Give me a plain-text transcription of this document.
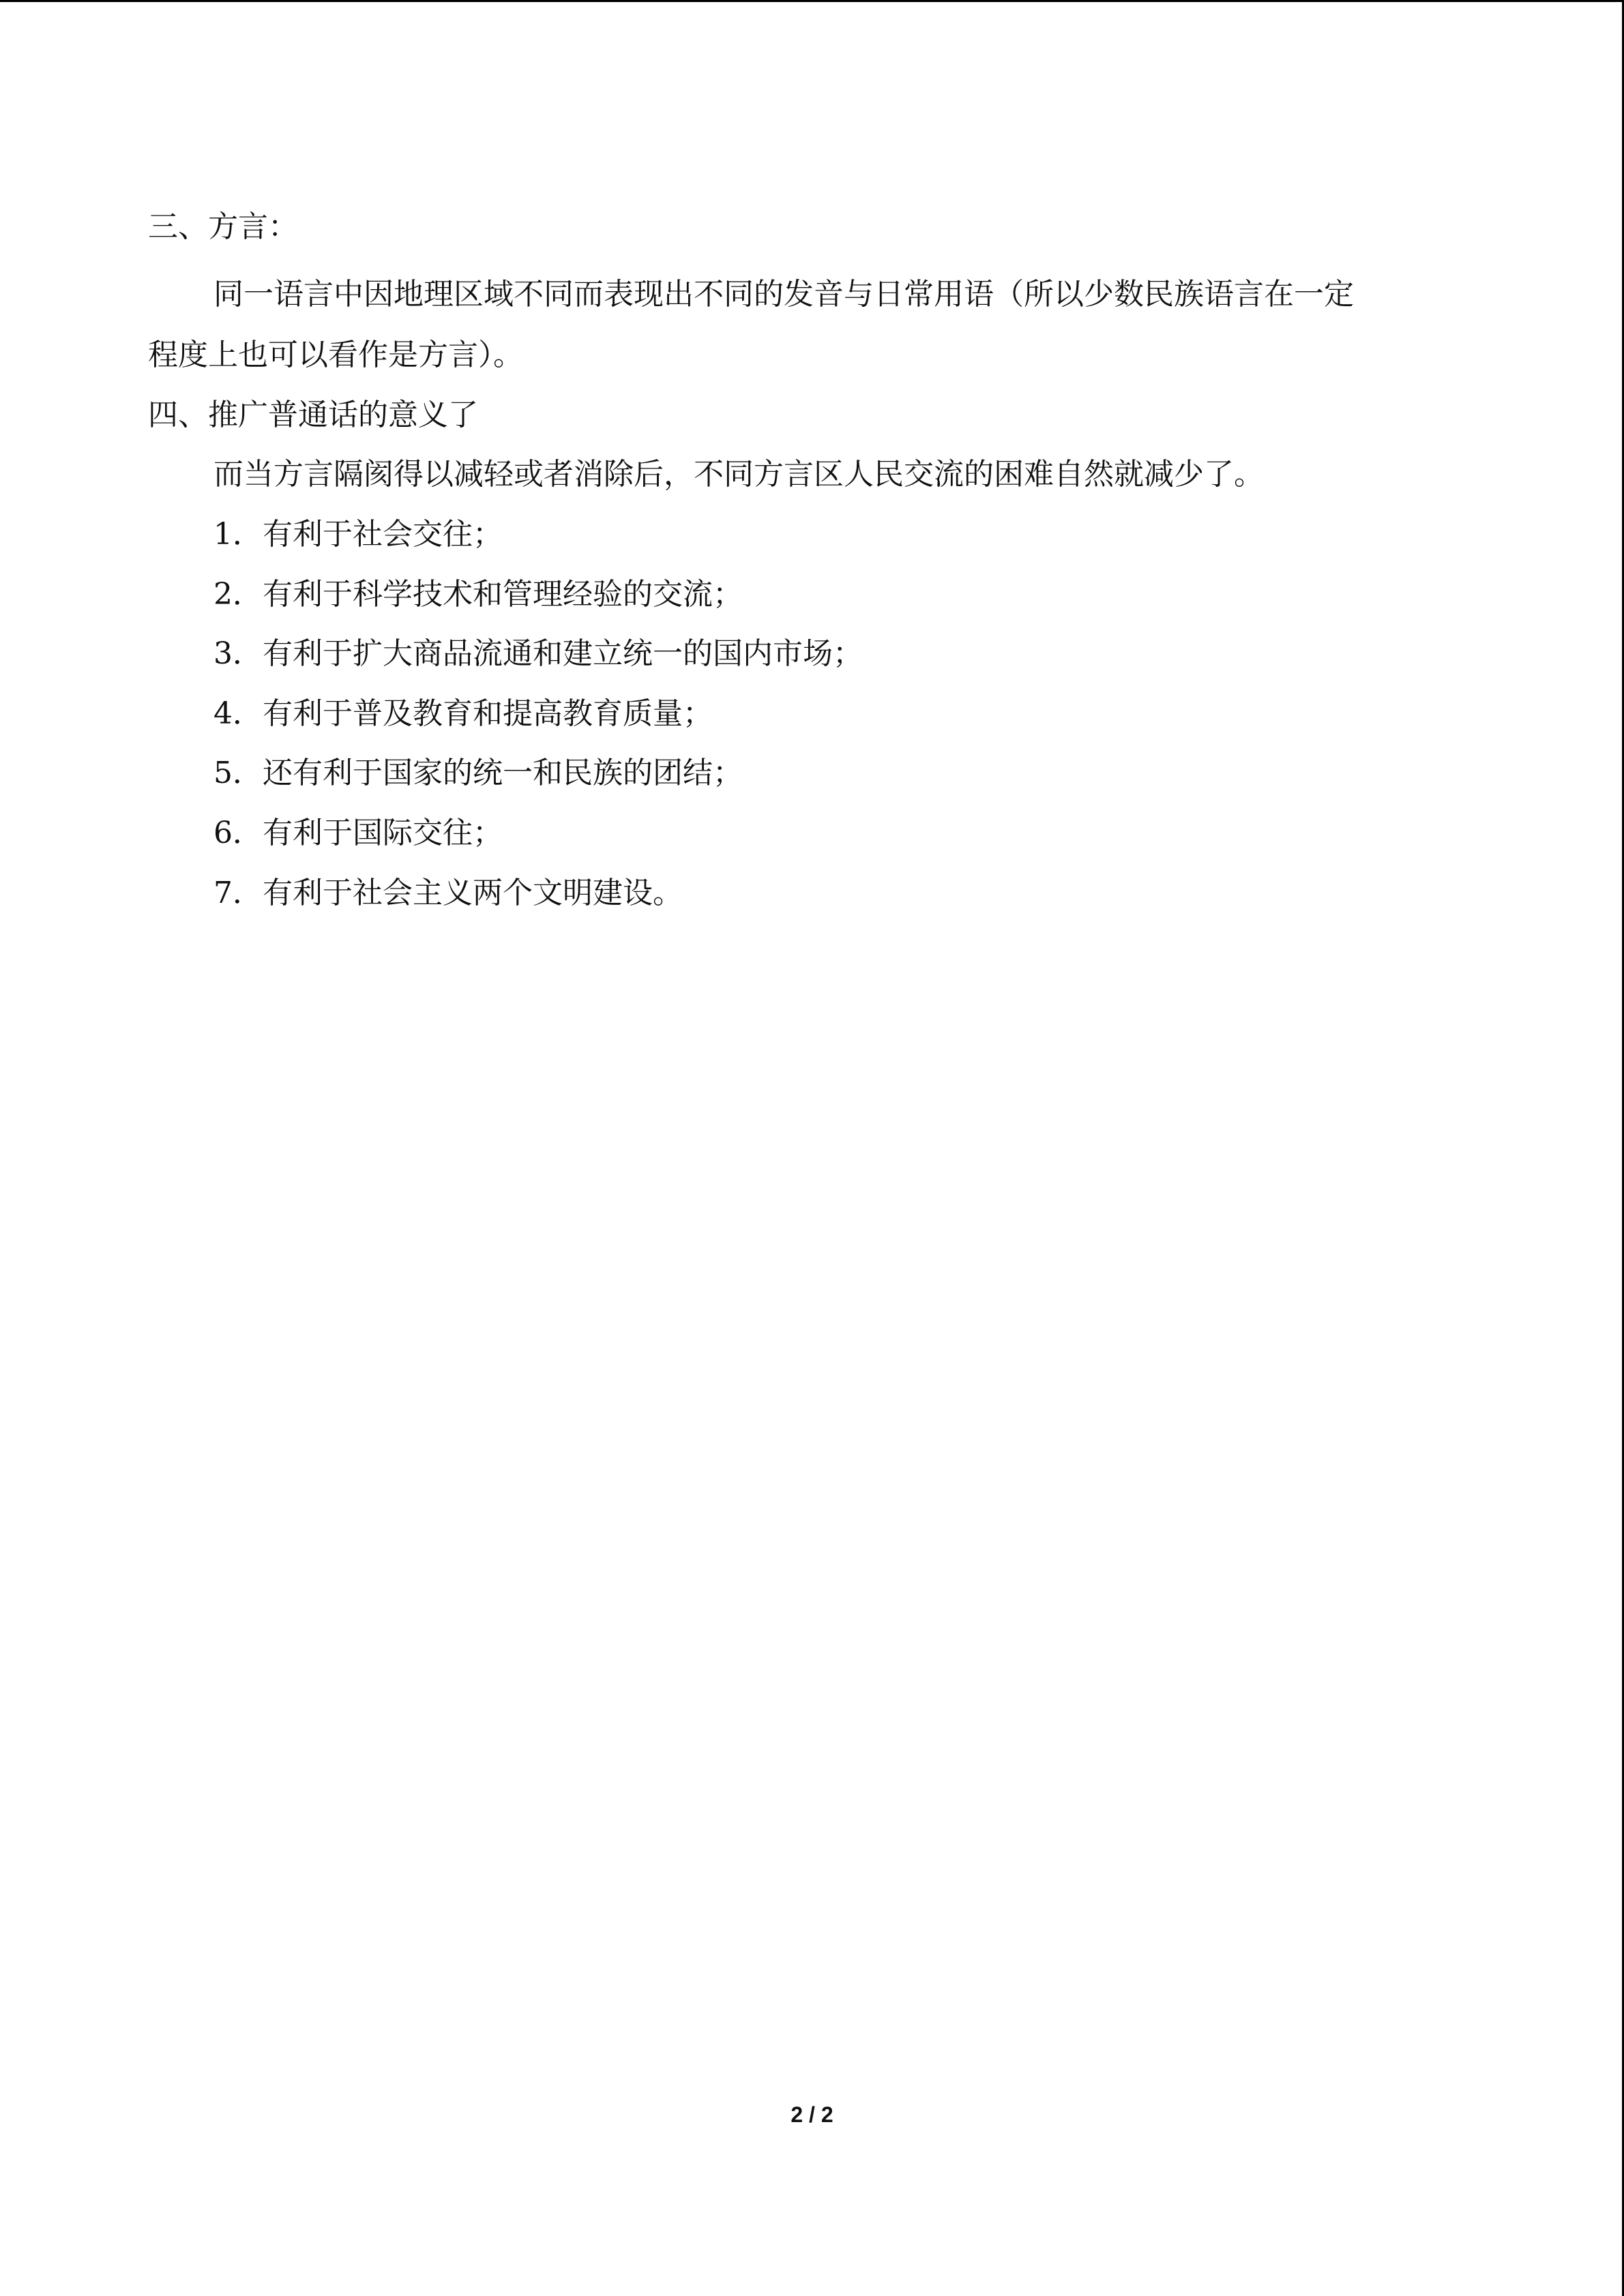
三、方言：
同一语言中因地理区域不同而表现出不同的发音与日常用语（所以少数民族语言在一定
程度上也可以看作是方言）。
四、推广普通话的意义了
而当方言隔阂得以减轻或者消除后，不同方言区人民交流的困难自然就减少了。
1．有利于社会交往；
2．有利于科学技术和管理经验的交流；
3．有利于扩大商品流通和建立统一的国内市场；
4．有利于普及教育和提高教育质量；
5．还有利于国家的统一和民族的团结；
6．有利于国际交往；
7．有利于社会主义两个文明建设。
2 / 2
